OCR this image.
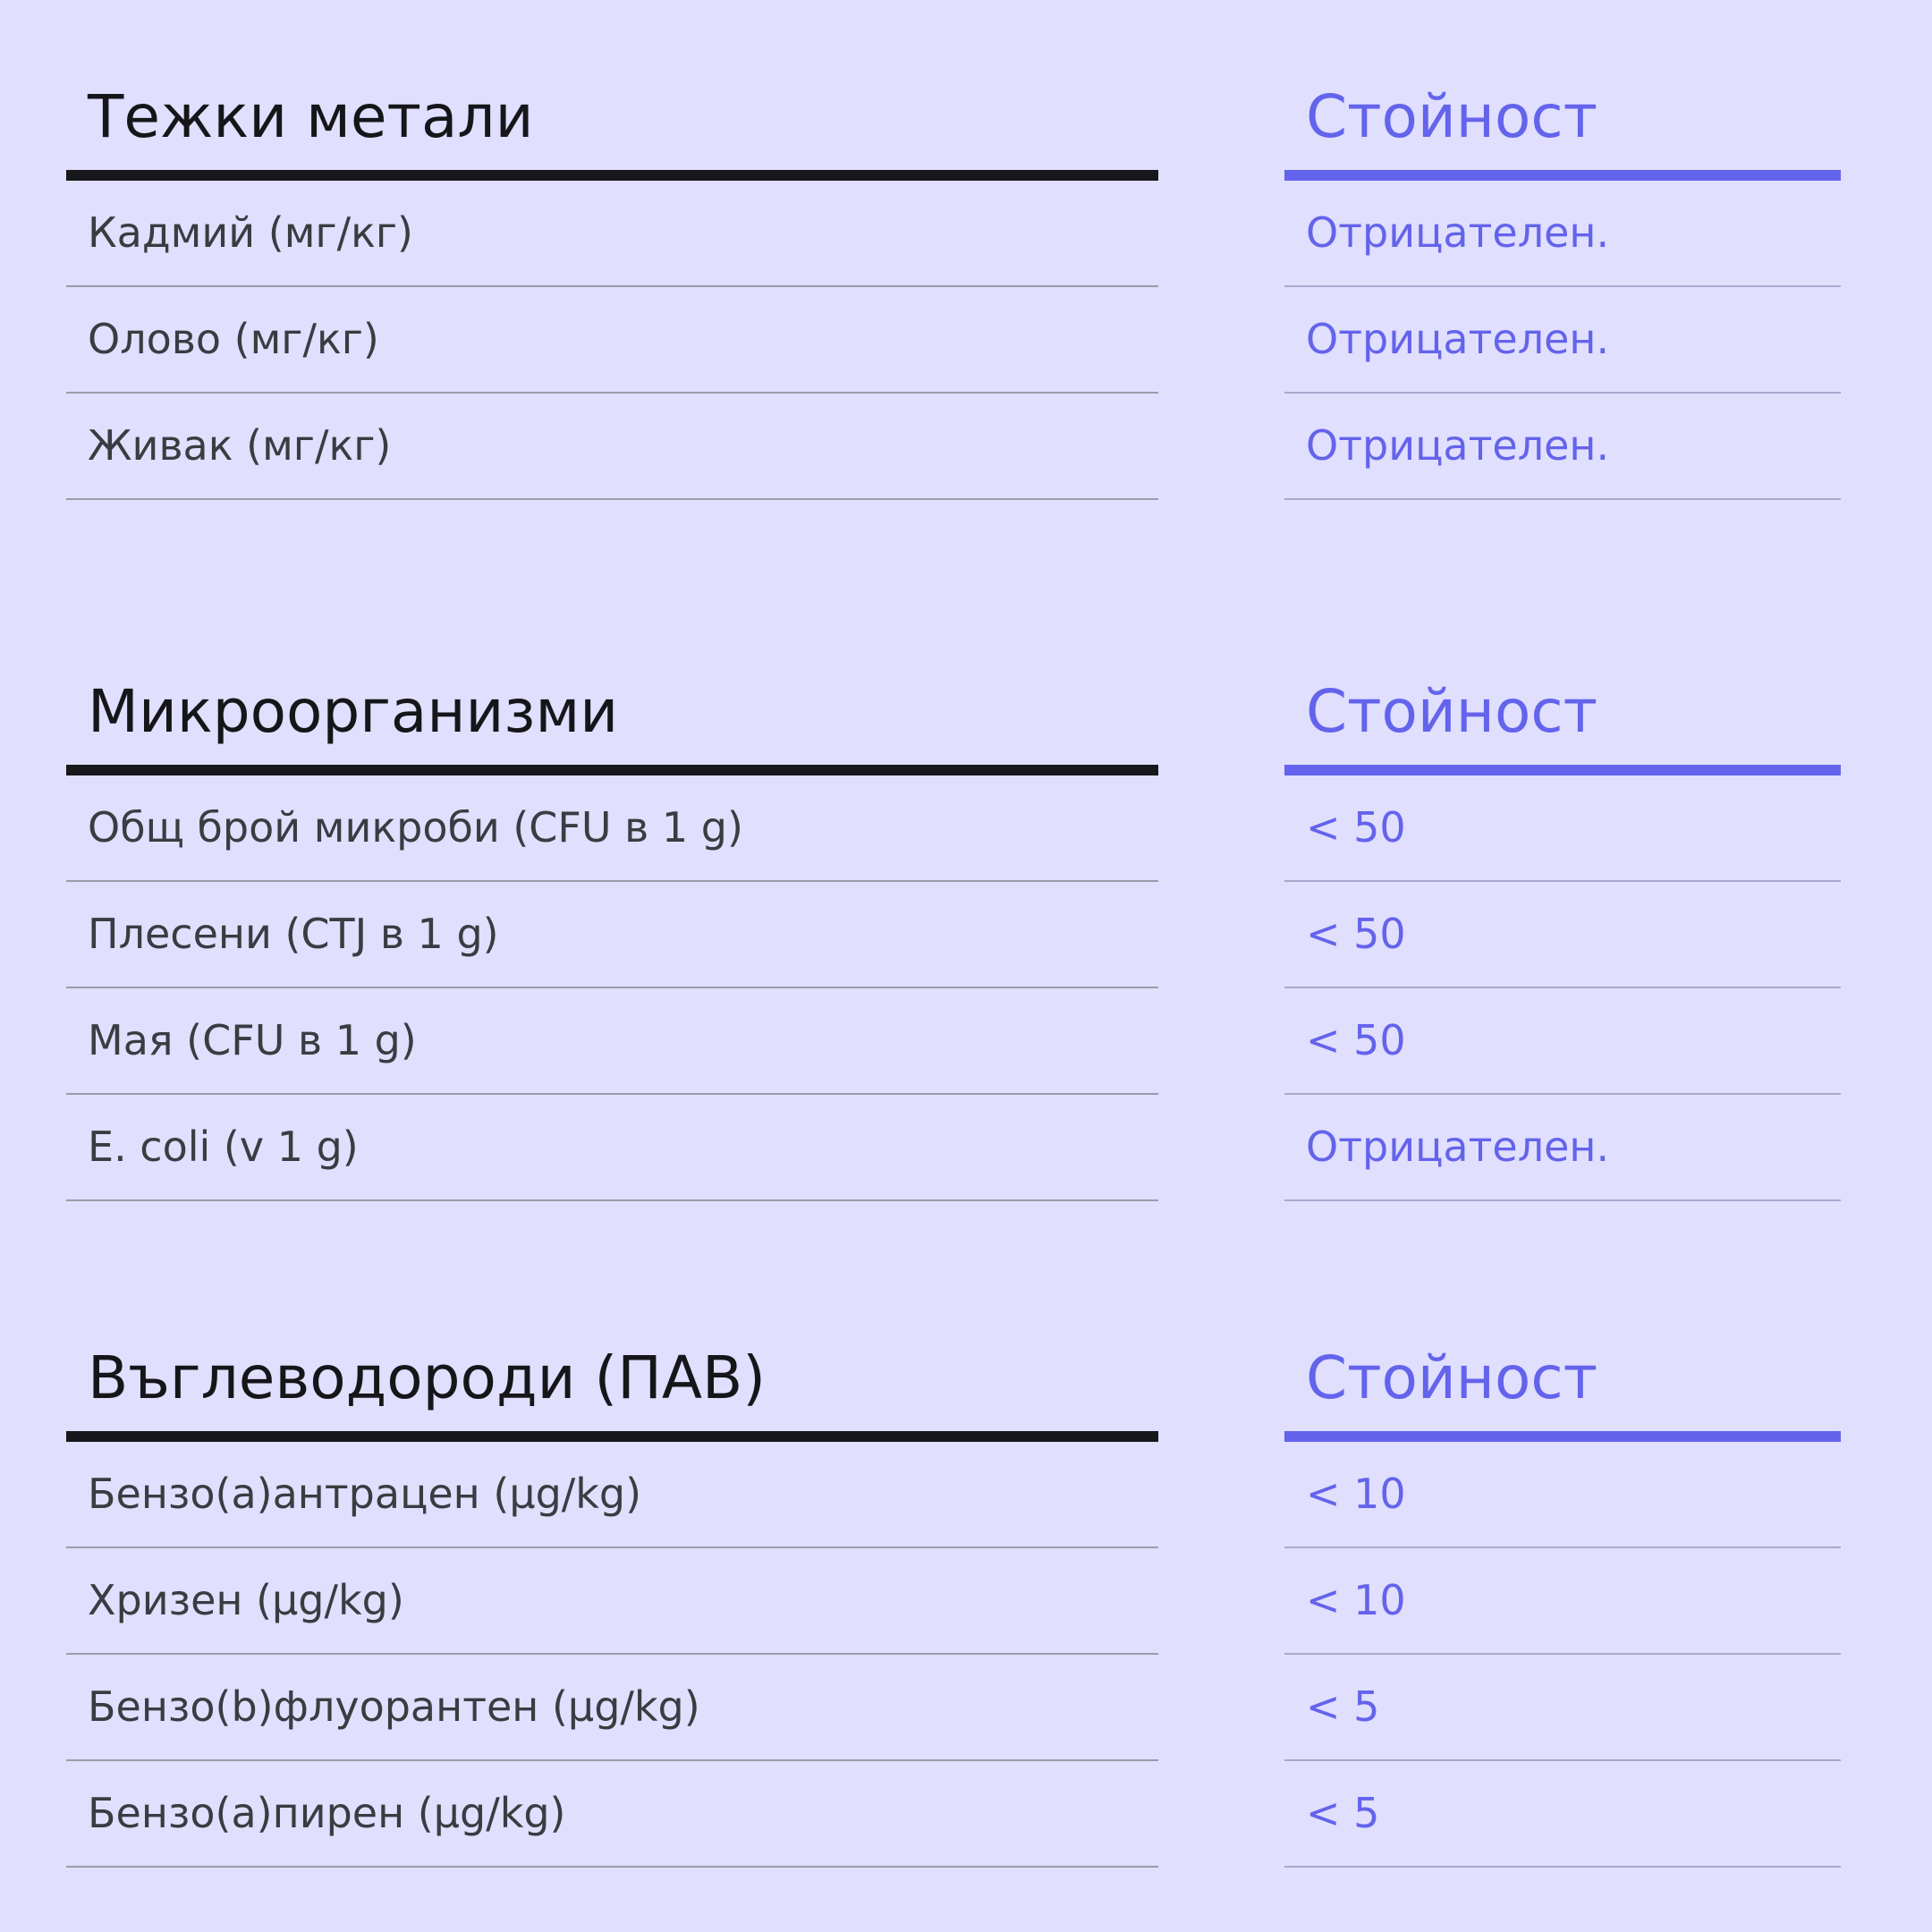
Тежки метали
Кадмий (мг/кг)
Олово (мг/кг)
Живак (мг/кг)
Стойност
Отрицателен.
Отрицателен.
Отрицателен.
Микроорганизми
Общ брой микроби (CFU в 1 g)
Плесени (CTJ в 1 g)
Мая (CFU в 1 g)
E. coli (v 1 g)
Стойност
< 50
< 50
< 50
Отрицателен.
Въглеводороди (ПАВ)
Бензо(a)антрацен (µg/kg)
Хризен (µg/kg)
Бензо(b)флуорантен (µg/kg)
Бензо(a)пирен (µg/kg)
Стойност
< 10
< 10
< 5
< 5
